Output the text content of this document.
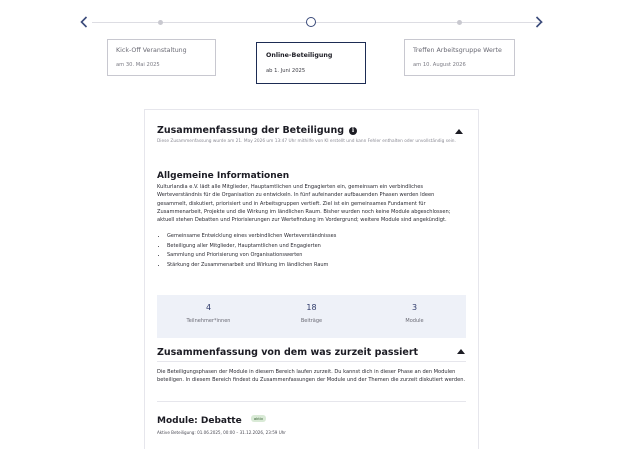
Kick-Off Veranstaltung
am 30. Mai 2025
Online-Beteiligung
ab 1. Juni 2025
Treffen Arbeitsgruppe Werte
am 10. August 2026
Zusammenfassung der Beteiligung	i
Diese Zusammenfassung wurde am 21. May 2026 um 13:47 Uhr mithilfe von KI erstellt und kann Fehler enthalten oder unvollständig sein.
Allgemeine Informationen
Kulturlandia e.V. lädt alle Mitglieder, Hauptamtlichen und Engagierten ein, gemeinsam ein verbindliches Werteverständnis für die Organisation zu entwickeln. In fünf aufeinander aufbauenden Phasen werden Ideen gesammelt, diskutiert, priorisiert und in Arbeitsgruppen vertieft. Ziel ist ein gemeinsames Fundament für Zusammenarbeit, Projekte und die Wirkung im ländlichen Raum. Bisher wurden noch keine Module abgeschlossen; aktuell stehen Debatten und Priorisierungen zur Wertefindung im Vordergrund; weitere Module sind angekündigt.
• Gemeinsame Entwicklung eines verbindlichen Werteverständnisses
• Beteiligung aller Mitglieder, Hauptamtlichen und Engagierten
• Sammlung und Priorisierung von Organisationswerten
• Stärkung der Zusammenarbeit und Wirkung im ländlichen Raum
4
Teilnehmer*innen
18
Beiträge
3
Module
Zusammenfassung von dem was zurzeit passiert
Die Beteiligungsphasen der Module in diesem Bereich laufen zurzeit. Du kannst dich in dieser Phase an den Modulen beteiligen. In diesem Bereich findest du Zusammenfassungen der Module und der Themen die zurzeit diskutiert werden.
Module: Debatte	aktiv
Aktive Beteiligung: 01.06.2025, 00:00 – 31.12.2026, 23:59 Uhr
